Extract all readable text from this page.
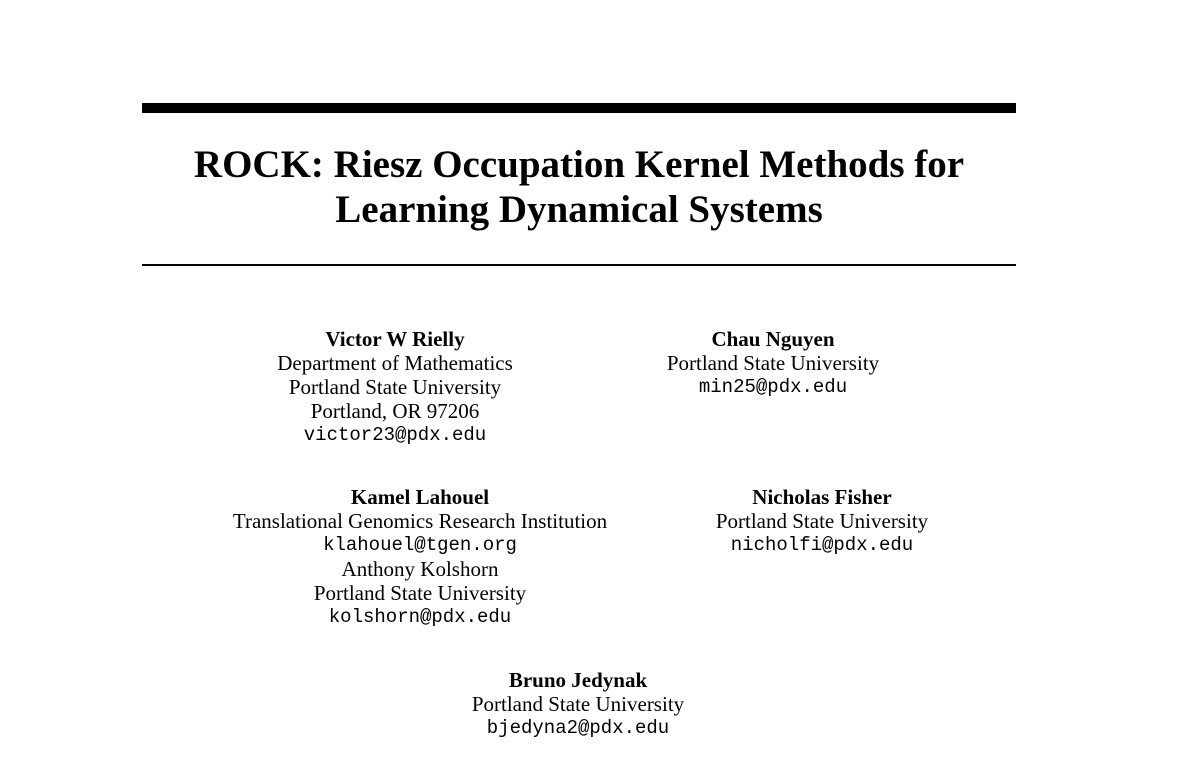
ROCK: Riesz Occupation Kernel Methods for
Learning Dynamical Systems
Victor W Rielly
Department of Mathematics
Portland State University
Portland, OR 97206
victor23@pdx.edu
Chau Nguyen
Portland State University
min25@pdx.edu
Kamel Lahouel
Translational Genomics Research Institution
klahouel@tgen.org
Anthony Kolshorn
Portland State University
kolshorn@pdx.edu
Nicholas Fisher
Portland State University
nicholfi@pdx.edu
Bruno Jedynak
Portland State University
bjedyna2@pdx.edu
